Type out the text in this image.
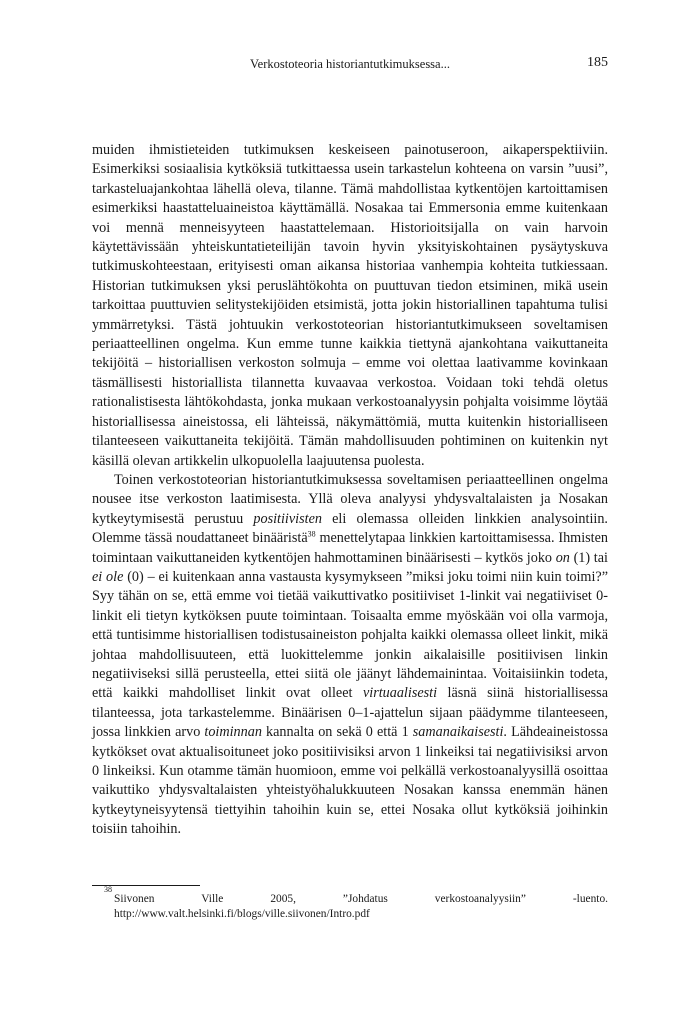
Verkostoteoria historiantutkimuksessa...	185

muiden ihmistieteiden tutkimuksen keskeiseen painotuseroon, aikaperspektiiviin. Esimerkiksi sosiaalisia kytköksiä tutkittaessa usein tarkastelun kohteena on varsin ”uusi”, tarkasteluajankohtaa lähellä oleva, tilanne. Tämä mahdollistaa kytkentöjen kartoittamisen esimerkiksi haastatteluaineistoa käyttämällä. Nosakaa tai Emmersonia emme kuitenkaan voi mennä menneisyyteen haastattelemaan. Historioitsijalla on vain harvoin käytettävissään yhteiskuntatieteilijän tavoin hyvin yksityiskohtainen pysäytyskuva tutkimuskohteestaan, erityisesti oman aikansa historiaa vanhempia kohteita tutkiessaan. Historian tutkimuksen yksi peruslähtökohta on puuttuvan tiedon etsiminen, mikä usein tarkoittaa puuttuvien selitystekijöiden etsimistä, jotta jokin historiallinen tapahtuma tulisi ymmärretyksi. Tästä johtuukin verkostoteorian historiantutkimukseen soveltamisen periaatteellinen ongelma. Kun emme tunne kaikkia tiettynä ajankohtana vaikuttaneita tekijöitä – historiallisen verkoston solmuja – emme voi olettaa laativamme kovinkaan täsmällisesti historiallista tilannetta kuvaavaa verkostoa. Voidaan toki tehdä oletus rationalistisesta lähtökohdasta, jonka mukaan verkostoanalyysin pohjalta voisimme löytää historiallisessa aineistossa, eli lähteissä, näkymättömiä, mutta kuitenkin historialliseen tilanteeseen vaikuttaneita tekijöitä. Tämän mahdollisuuden pohtiminen on kuitenkin nyt käsillä olevan artikkelin ulkopuolella laajuutensa puolesta.

Toinen verkostoteorian historiantutkimuksessa soveltamisen periaatteellinen ongelma nousee itse verkoston laatimisesta. Yllä oleva analyysi yhdysvaltalaisten ja Nosakan kytkeytymisestä perustuu positiivisten eli olemassa olleiden linkkien analysointiin. Olemme tässä noudattaneet binääristä$^{38}$ menettelytapaa linkkien kartoittamisessa. Ihmisten toimintaan vaikuttaneiden kytkentöjen hahmottaminen binäärisesti – kytkös joko on (1) tai ei ole (0) – ei kuitenkaan anna vastausta kysymykseen ”miksi joku toimi niin kuin toimi?” Syy tähän on se, että emme voi tietää vaikuttivatko positiiviset 1-linkit vai negatiiviset 0-linkit eli tietyn kytköksen puute toimintaan. Toisaalta emme myöskään voi olla varmoja, että tuntisimme historiallisen todistusaineiston pohjalta kaikki olemassa olleet linkit, mikä johtaa mahdollisuuteen, että luokittelemme jonkin aikalaisille positiivisen linkin negatiiviseksi sillä perusteella, ettei siitä ole jäänyt lähdemainintaa. Voitaisiinkin todeta, että kaikki mahdolliset linkit ovat olleet virtuaalisesti läsnä siinä historiallisessa tilanteessa, jota tarkastelemme. Binäärisen 0–1-ajattelun sijaan päädymme tilanteeseen, jossa linkkien arvo toiminnan kannalta on sekä 0 että 1 samanaikaisesti. Lähdeaineistossa kytkökset ovat aktualisoituneet joko positiivisiksi arvon 1 linkeiksi tai negatiivisiksi arvon 0 linkeiksi. Kun otamme tämän huomioon, emme voi pelkällä verkostoanalyysillä osoittaa vaikuttiko yhdysvaltalaisten yhteistyöhalukkuuteen Nosakan kanssa enemmän hänen kytkeytyneisyytensä tiettyihin tahoihin kuin se, ettei Nosaka ollut kytköksiä joihinkin toisiin tahoihin.

38
Siivonen Ville 2005, ”Johdatus verkostoanalyysiin” -luento. http://www.valt.helsinki.fi/blogs/ville.siivonen/Intro.pdf
